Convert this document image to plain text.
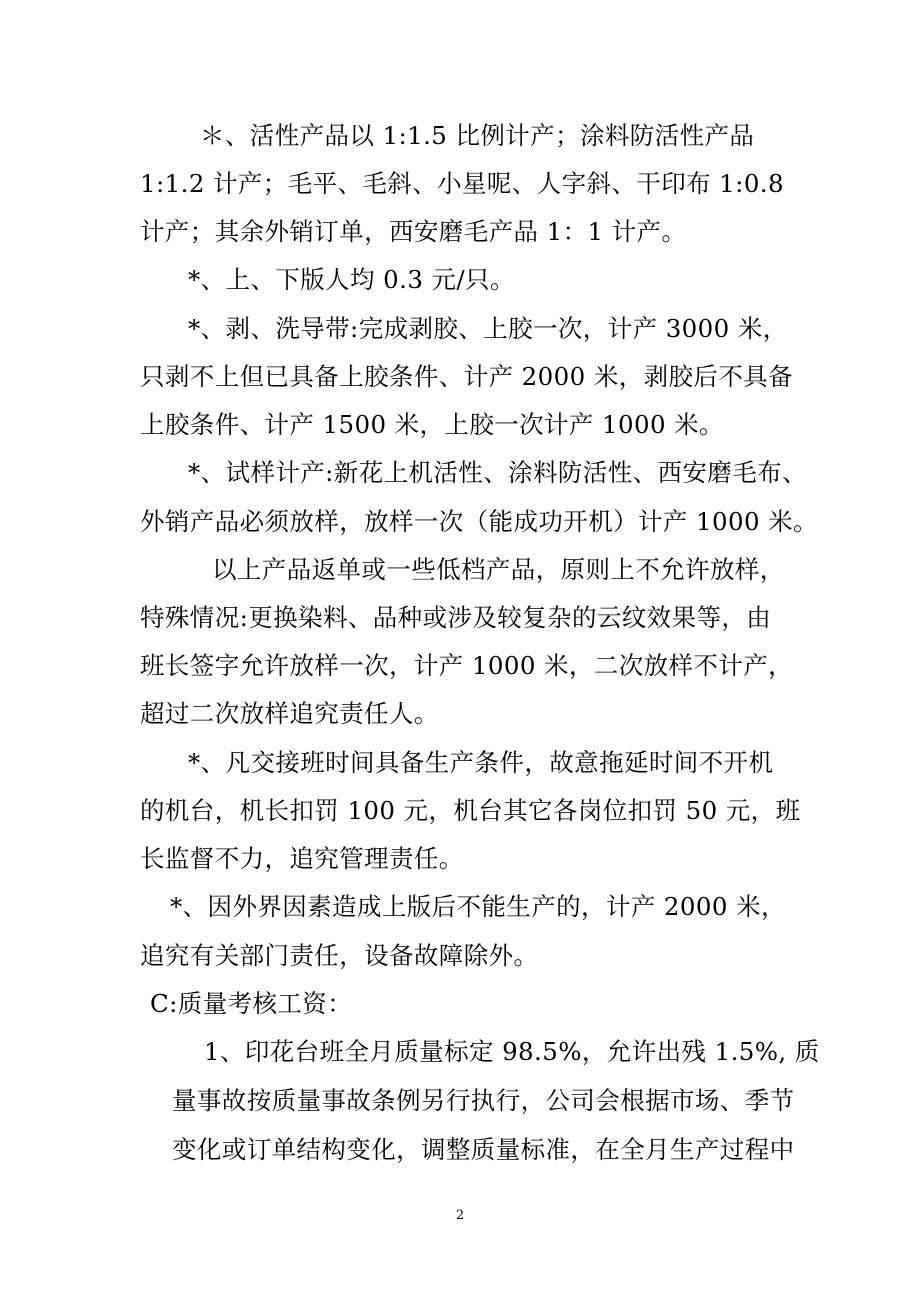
＊、活性产品以 1:1.5 比例计产；涂料防活性产品
1:1.2 计产；毛平、毛斜、小星呢、人字斜、干印布 1:0.8
计产；其余外销订单，西安磨毛产品 1：1 计产。
*、上、下版人均 0.3 元/只。
*、剥、洗导带:完成剥胶、上胶一次，计产 3000 米，
只剥不上但已具备上胶条件、计产 2000 米，剥胶后不具备
上胶条件、计产 1500 米，上胶一次计产 1000 米。
*、试样计产:新花上机活性、涂料防活性、西安磨毛布、
外销产品必须放样，放样一次（能成功开机）计产 1000 米。
以上产品返单或一些低档产品，原则上不允许放样，
特殊情况:更换染料、品种或涉及较复杂的云纹效果等，由
班长签字允许放样一次，计产 1000 米，二次放样不计产，
超过二次放样追究责任人。
*、凡交接班时间具备生产条件，故意拖延时间不开机
的机台，机长扣罚 100 元，机台其它各岗位扣罚 50 元，班
长监督不力，追究管理责任。
*、因外界因素造成上版后不能生产的，计产 2000 米，
追究有关部门责任，设备故障除外。
C:质量考核工资：
1、印花台班全月质量标定 98.5%，允许出残 1.5%, 质
量事故按质量事故条例另行执行，公司会根据市场、季节
变化或订单结构变化，调整质量标准，在全月生产过程中
2
